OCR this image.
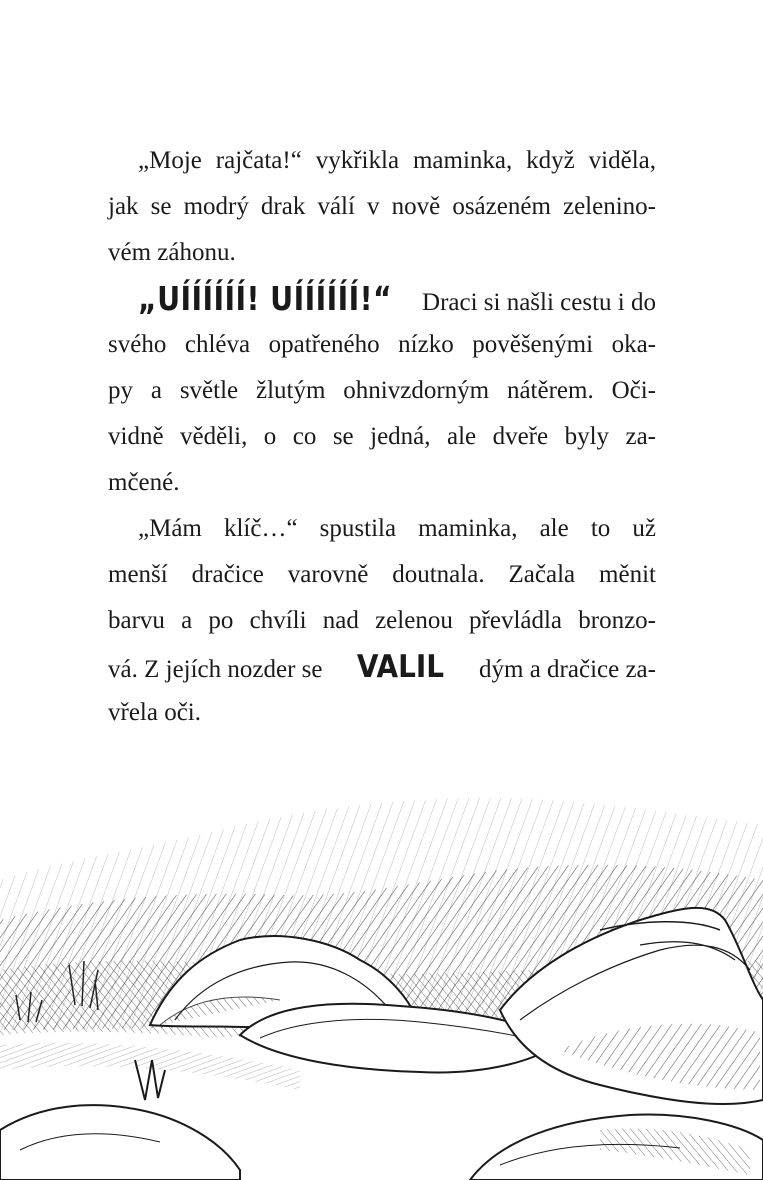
„Moje rajčata!“ vykřikla maminka, když viděla,
jak se modrý drak válí v nově osázeném zelenino-
vém záhonu.
„UÍÍÍÍÍÍ! UÍÍÍÍÍÍ!“ Draci si našli cestu i do
svého chléva opatřeného nízko pověšenými oka-
py a světle žlutým ohnivzdorným nátěrem. Oči-
vidně věděli, o co se jedná, ale dveře byly za-
mčené.
„Mám klíč…“ spustila maminka, ale to už
menší dračice varovně doutnala. Začala měnit
barvu a po chvíli nad zelenou převládla bronzo-
vá. Z jejích nozder se VALIL dým a dračice za-
vřela oči.
